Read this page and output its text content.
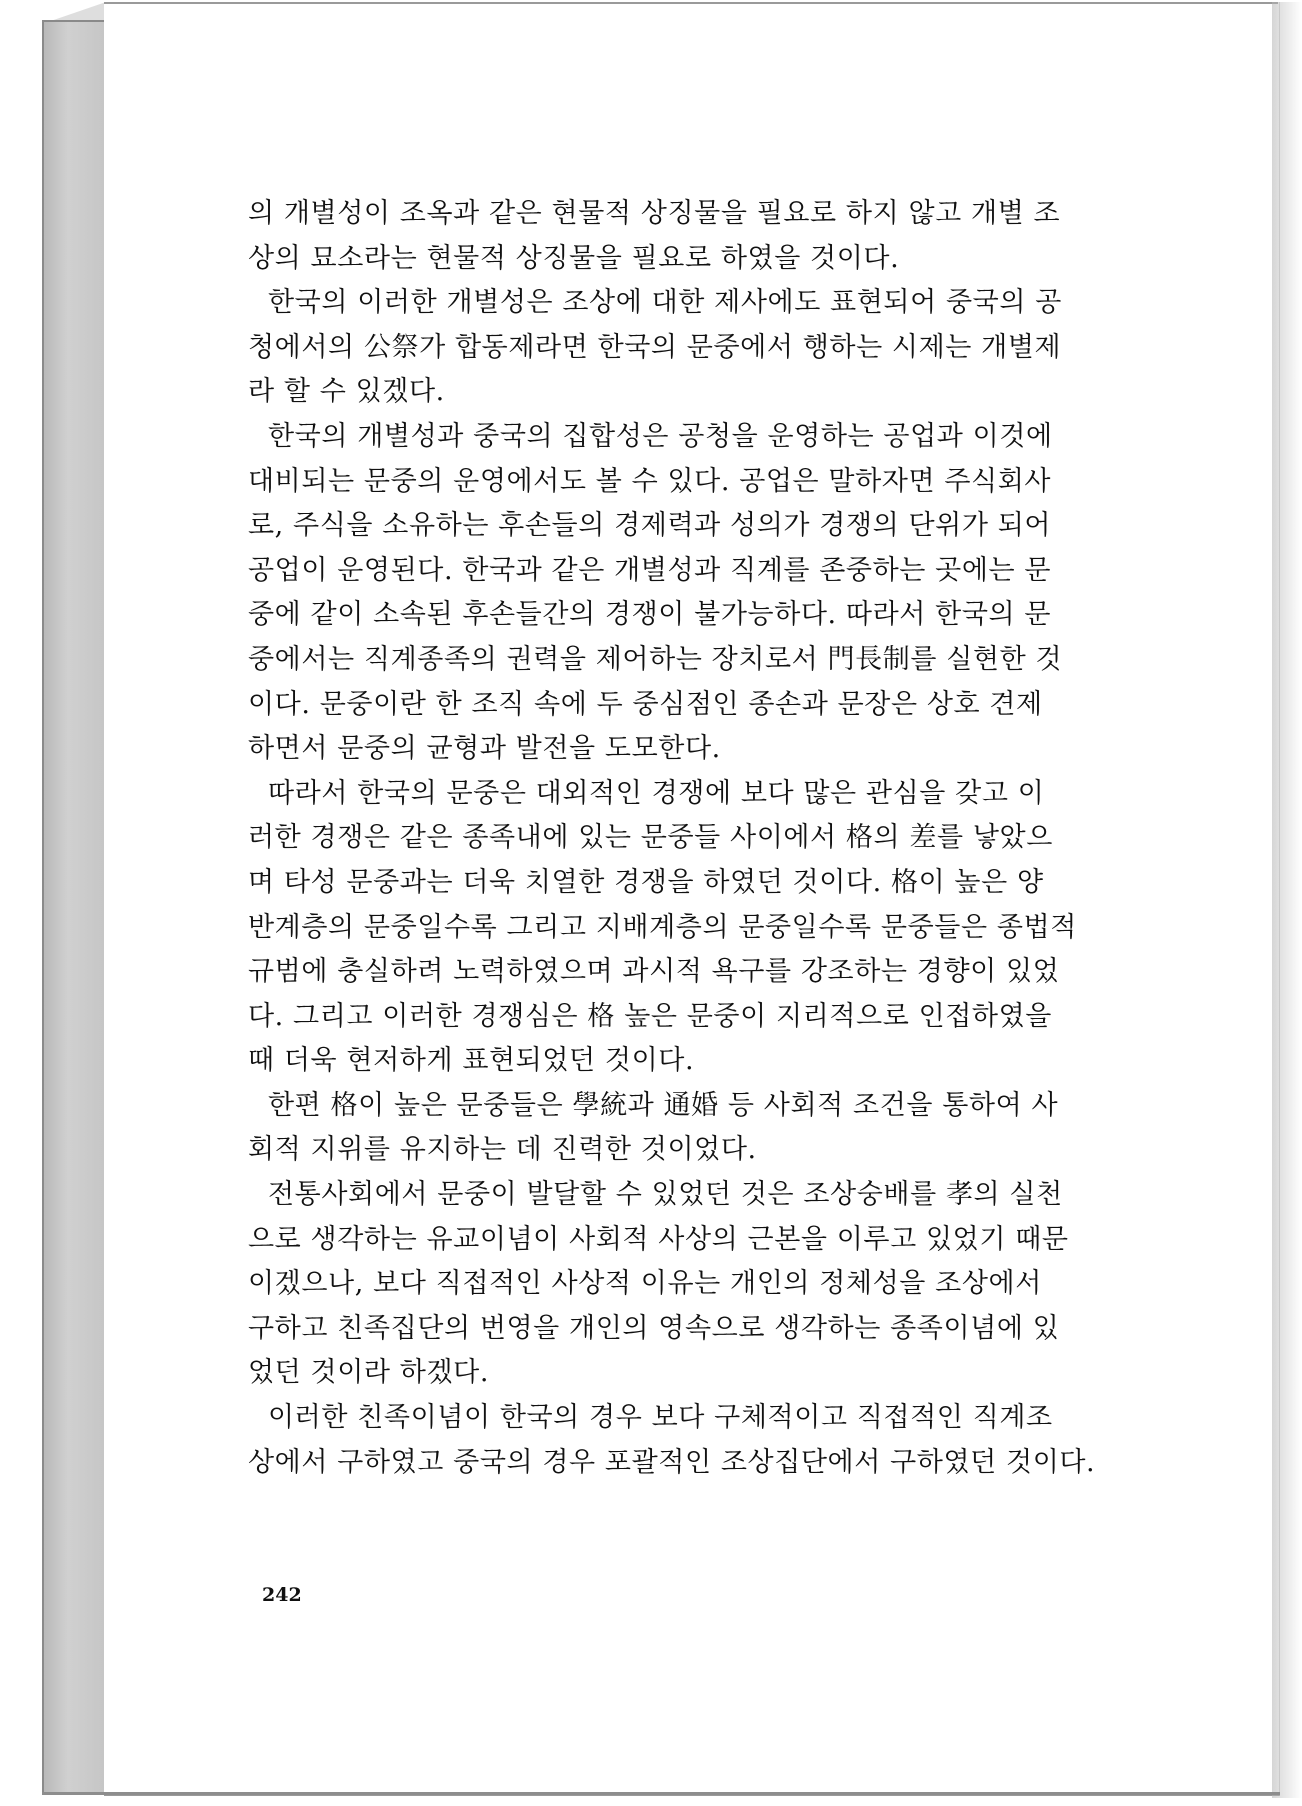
의 개별성이 조옥과 같은 현물적 상징물을 필요로 하지 않고 개별 조
상의 묘소라는 현물적 상징물을 필요로 하였을 것이다.
한국의 이러한 개별성은 조상에 대한 제사에도 표현되어 중국의 공
청에서의 公祭가 합동제라면 한국의 문중에서 행하는 시제는 개별제
라 할 수 있겠다.
한국의 개별성과 중국의 집합성은 공청을 운영하는 공업과 이것에
대비되는 문중의 운영에서도 볼 수 있다. 공업은 말하자면 주식회사
로, 주식을 소유하는 후손들의 경제력과 성의가 경쟁의 단위가 되어
공업이 운영된다. 한국과 같은 개별성과 직계를 존중하는 곳에는 문
중에 같이 소속된 후손들간의 경쟁이 불가능하다. 따라서 한국의 문
중에서는 직계종족의 권력을 제어하는 장치로서 門長制를 실현한 것
이다. 문중이란 한 조직 속에 두 중심점인 종손과 문장은 상호 견제
하면서 문중의 균형과 발전을 도모한다.
따라서 한국의 문중은 대외적인 경쟁에 보다 많은 관심을 갖고 이
러한 경쟁은 같은 종족내에 있는 문중들 사이에서 格의 差를 낳았으
며 타성 문중과는 더욱 치열한 경쟁을 하였던 것이다. 格이 높은 양
반계층의 문중일수록 그리고 지배계층의 문중일수록 문중들은 종법적
규범에 충실하려 노력하였으며 과시적 욕구를 강조하는 경향이 있었
다. 그리고 이러한 경쟁심은 格 높은 문중이 지리적으로 인접하였을
때 더욱 현저하게 표현되었던 것이다.
한편 格이 높은 문중들은 學統과 通婚 등 사회적 조건을 통하여 사
회적 지위를 유지하는 데 진력한 것이었다.
전통사회에서 문중이 발달할 수 있었던 것은 조상숭배를 孝의 실천
으로 생각하는 유교이념이 사회적 사상의 근본을 이루고 있었기 때문
이겠으나, 보다 직접적인 사상적 이유는 개인의 정체성을 조상에서
구하고 친족집단의 번영을 개인의 영속으로 생각하는 종족이념에 있
었던 것이라 하겠다.
이러한 친족이념이 한국의 경우 보다 구체적이고 직접적인 직계조
상에서 구하였고 중국의 경우 포괄적인 조상집단에서 구하였던 것이다.
242
